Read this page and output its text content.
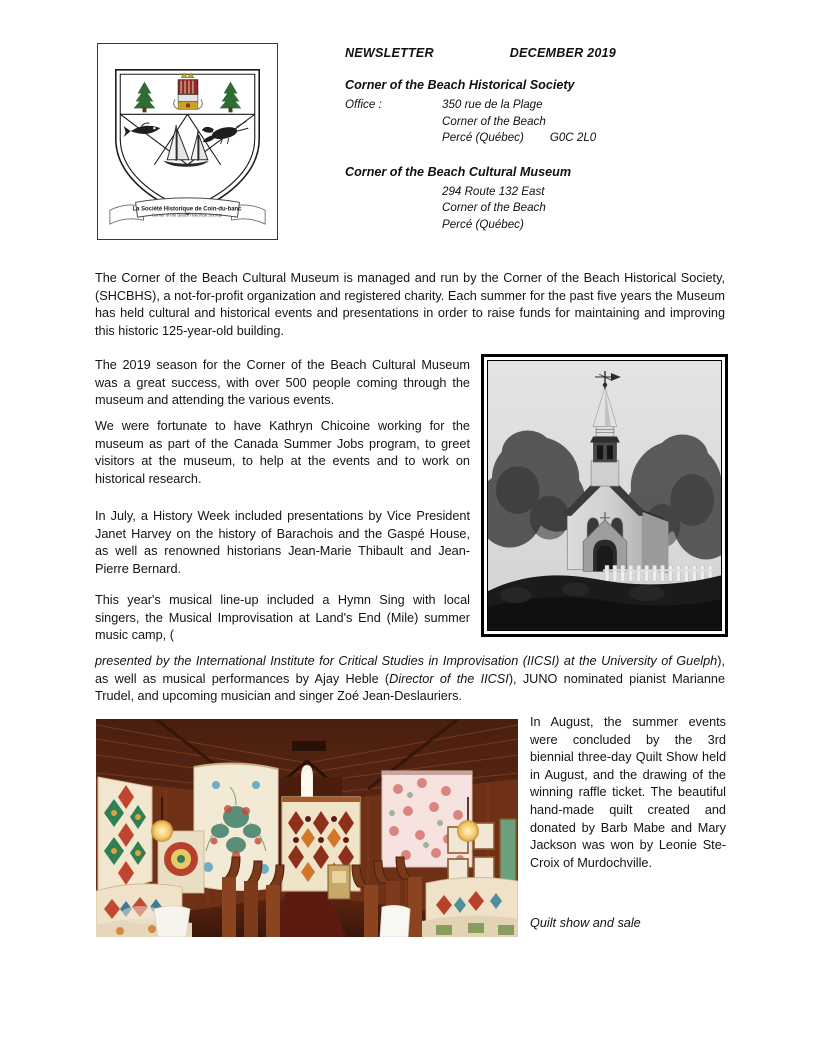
La Société Historique de Coin-du-banc
Corner of the Beach Historical Society
NEWSLETTER	DECEMBER 2019
Corner of the Beach Historical Society
Office :	350 rue de la Plage
Corner of the Beach
Percé (Québec) G0C 2L0
Corner of the Beach Cultural Museum
294 Route 132 East
Corner of the Beach
Percé (Québec)
The Corner of the Beach Cultural Museum is managed and run by the Corner of the Beach Historical Society, (SHCBHS), a not-for-profit organization and registered charity. Each summer for the past five years the Museum has held cultural and historical events and presentations in order to raise funds for maintaining and improving this historic 125-year-old building.
The 2019 season for the Corner of the Beach Cultural Museum was a great success, with over 500 people coming through the museum and attending the various events.
We were fortunate to have Kathryn Chicoine working for the museum as part of the Canada Summer Jobs program, to greet visitors at the museum, to help at the events and to work on historical research.
In July, a History Week included presentations by Vice President Janet Harvey on the history of Barachois and the Gaspé House, as well as renowned historians Jean-Marie Thibault and Jean-Pierre Bernard.
This year's musical line-up included a Hymn Sing with local singers, the Musical Improvisation at Land's End (Mile) summer music camp, (
presented by the International Institute for Critical Studies in Improvisation (IICSI) at the University of Guelph), as well as musical performances by Ajay Heble (Director of the IICSI), JUNO nominated pianist Marianne Trudel, and upcoming musician and singer Zoé Jean-Deslauriers.
In August, the summer events were concluded by the 3rd biennial three-day Quilt Show held in August, and the drawing of the winning raffle ticket. The beautiful hand-made quilt created and donated by Barb Mabe and Mary Jackson was won by Leonie Ste-Croix of Murdochville.
Quilt show and sale
